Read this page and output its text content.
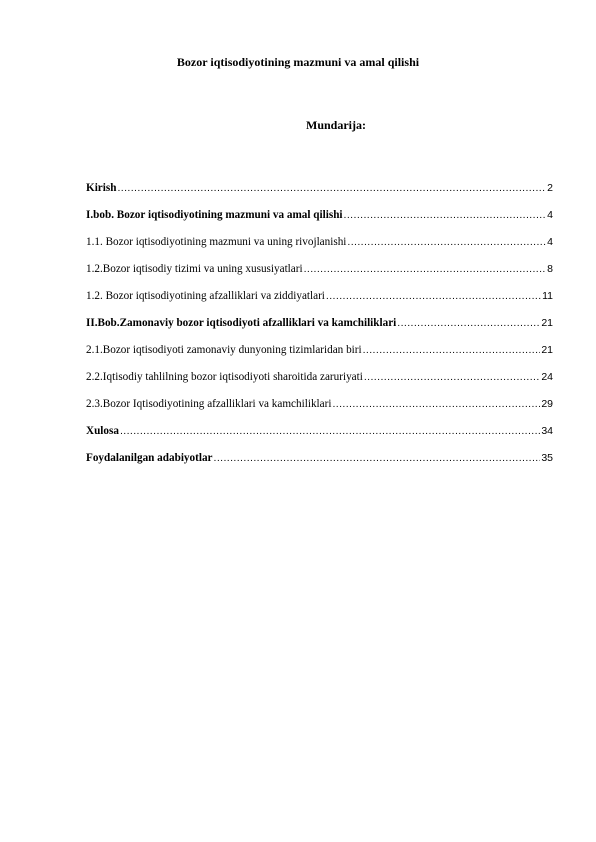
Bozor iqtisodiyotining mazmuni va amal qilishi
Mundarija:
Kirish .....	2
I.bob. Bozor iqtisodiyotining mazmuni va amal qilishi .....	4
1.1. Bozor iqtisodiyotining mazmuni va uning rivojlanishi .....	4
1.2.Bozor iqtisodiy tizimi va uning xususiyatlari .....	8
1.2. Bozor iqtisodiyotining afzalliklari va ziddiyatlari .....	11
II.Bob.Zamonaviy bozor iqtisodiyoti afzalliklari va kamchiliklari .....	21
2.1.Bozor iqtisodiyoti zamonaviy dunyoning tizimlaridan biri .....	21
2.2.Iqtisodiy tahlilning bozor iqtisodiyoti sharoitida zaruriyati .....	24
2.3.Bozor Iqtisodiyotining afzalliklari va kamchiliklari .....	29
Xulosa .....	34
Foydalanilgan adabiyotlar .....	35
